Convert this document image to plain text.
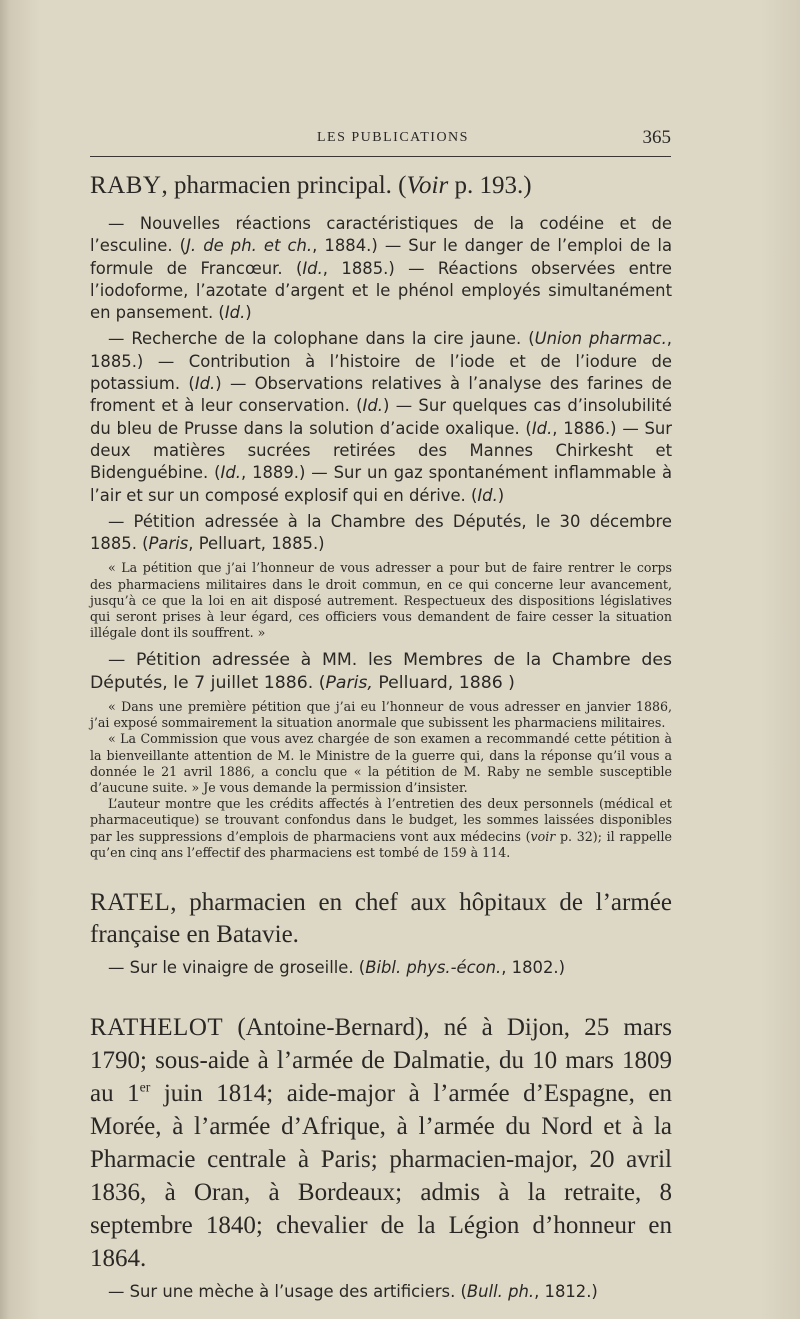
LES PUBLICATIONS	365

RABY, pharmacien principal. (Voir p. 193.)

— Nouvelles réactions caractéristiques de la codéine et de l’esculine. (J. de ph. et ch., 1884.) — Sur le danger de l’emploi de la formule de Francœur. (Id., 1885.) — Réactions observées entre l’iodoforme, l’azotate d’argent et le phénol employés simultanément en pansement. (Id.)

— Recherche de la colophane dans la cire jaune. (Union pharmac., 1885.) — Contribution à l’histoire de l’iode et de l’iodure de potassium. (Id.) — Observations relatives à l’analyse des farines de froment et à leur conservation. (Id.) — Sur quelques cas d’insolubilité du bleu de Prusse dans la solution d’acide oxalique. (Id., 1886.) — Sur deux matières sucrées retirées des Mannes Chirkesht et Bidenguébine. (Id., 1889.) — Sur un gaz spontanément inflammable à l’air et sur un composé explosif qui en dérive. (Id.)

— Pétition adressée à la Chambre des Députés, le 30 décembre 1885. (Paris, Pelluart, 1885.)

« La pétition que j’ai l’honneur de vous adresser a pour but de faire rentrer le corps des pharmaciens militaires dans le droit commun, en ce qui concerne leur avancement, jusqu’à ce que la loi en ait disposé autrement. Respectueux des dispositions législatives qui seront prises à leur égard, ces officiers vous demandent de faire cesser la situation illégale dont ils souffrent. »

— Pétition adressée à MM. les Membres de la Chambre des Députés, le 7 juillet 1886. (Paris, Pelluard, 1886 )

« Dans une première pétition que j’ai eu l’honneur de vous adresser en janvier 1886, j’ai exposé sommairement la situation anormale que subissent les pharmaciens militaires.

« La Commission que vous avez chargée de son examen a recommandé cette pétition à la bienveillante attention de M. le Ministre de la guerre qui, dans la réponse qu’il vous a donnée le 21 avril 1886, a conclu que « la pétition de M. Raby ne semble susceptible d’aucune suite. » Je vous demande la permission d’insister.

L’auteur montre que les crédits affectés à l’entretien des deux personnels (médical et pharmaceutique) se trouvant confondus dans le budget, les sommes laissées disponibles par les suppressions d’emplois de pharmaciens vont aux médecins (voir p. 32); il rappelle qu’en cinq ans l’effectif des pharmaciens est tombé de 159 à 114.

RATEL, pharmacien en chef aux hôpitaux de l’armée française en Batavie.

— Sur le vinaigre de groseille. (Bibl. phys.-écon., 1802.)

RATHELOT (Antoine-Bernard), né à Dijon, 25 mars 1790; sous-aide à l’armée de Dalmatie, du 10 mars 1809 au 1er juin 1814; aide-major à l’armée d’Espagne, en Morée, à l’armée d’Afrique, à l’armée du Nord et à la Pharmacie centrale à Paris; pharmacien-major, 20 avril 1836, à Oran, à Bordeaux; admis à la retraite, 8 septembre 1840; chevalier de la Légion d’honneur en 1864.

— Sur une mèche à l’usage des artificiers. (Bull. ph., 1812.)
